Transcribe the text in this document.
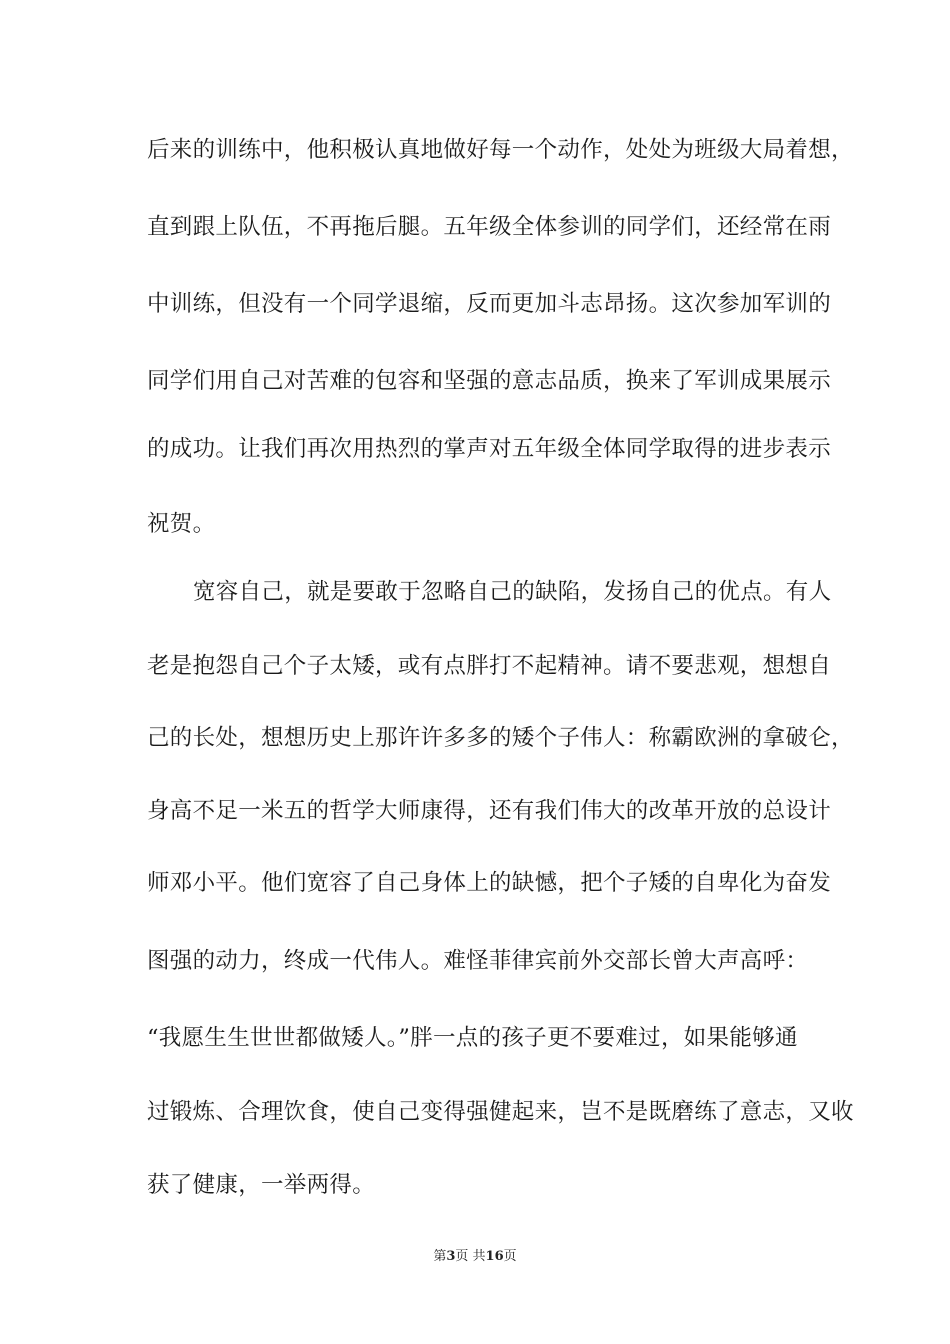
后来的训练中，他积极认真地做好每一个动作，处处为班级大局着想，
直到跟上队伍，不再拖后腿。五年级全体参训的同学们，还经常在雨
中训练，但没有一个同学退缩，反而更加斗志昂扬。这次参加军训的
同学们用自己对苦难的包容和坚强的意志品质，换来了军训成果展示
的成功。让我们再次用热烈的掌声对五年级全体同学取得的进步表示
祝贺。
宽容自己，就是要敢于忽略自己的缺陷，发扬自己的优点。有人
老是抱怨自己个子太矮，或有点胖打不起精神。请不要悲观，想想自
己的长处，想想历史上那许许多多的矮个子伟人：称霸欧洲的拿破仑，
身高不足一米五的哲学大师康得，还有我们伟大的改革开放的总设计
师邓小平。他们宽容了自己身体上的缺憾，把个子矮的自卑化为奋发
图强的动力，终成一代伟人。难怪菲律宾前外交部长曾大声高呼：
“我愿生生世世都做矮人。”胖一点的孩子更不要难过，如果能够通
过锻炼、合理饮食，使自己变得强健起来，岂不是既磨练了意志，又收
获了健康，一举两得。
第3页 共16页
